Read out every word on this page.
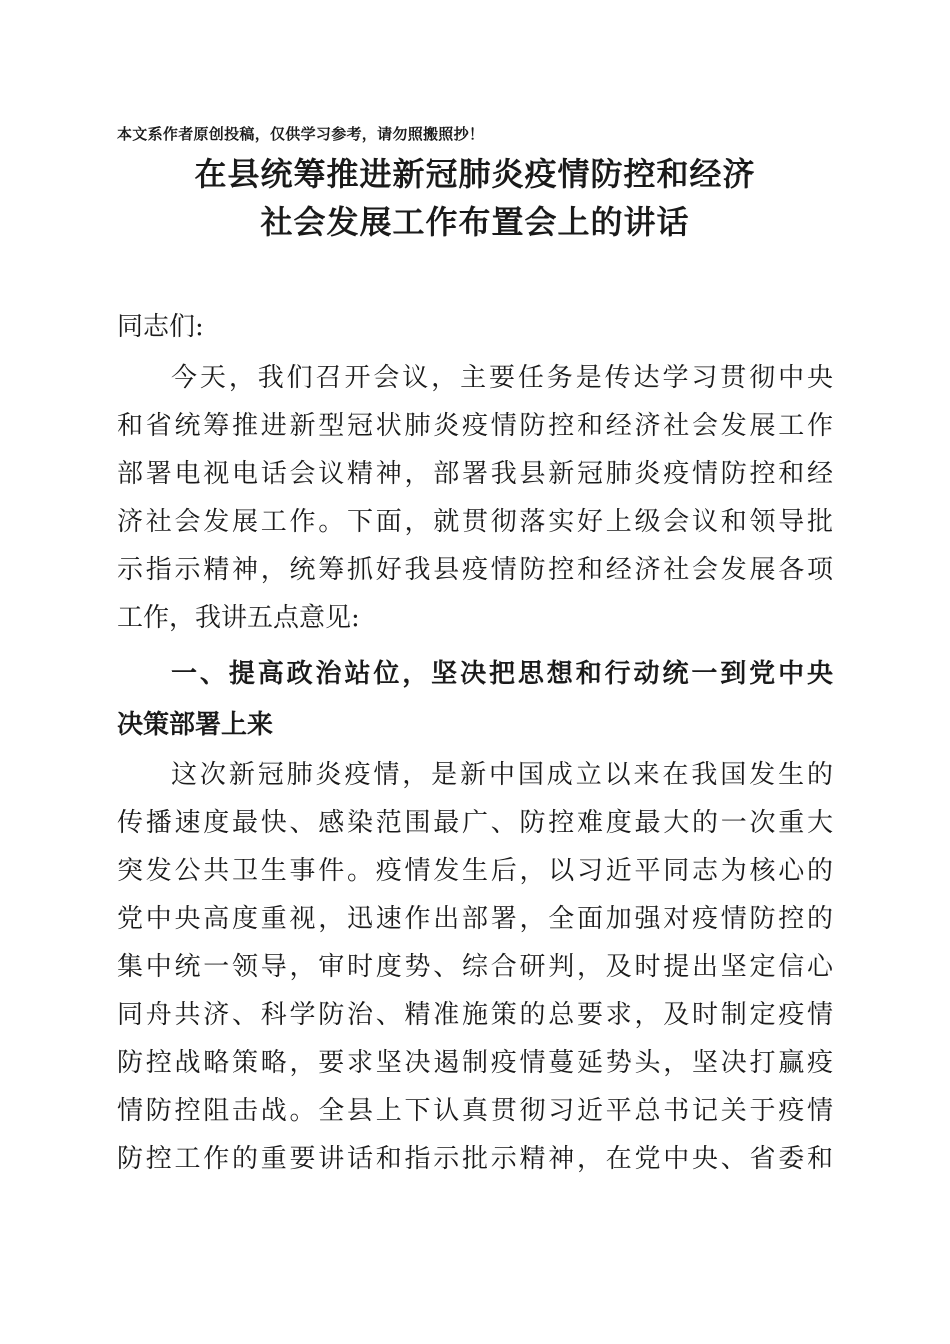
本文系作者原创投稿，仅供学习参考，请勿照搬照抄！
在县统筹推进新冠肺炎疫情防控和经济
社会发展工作布置会上的讲话
同志们:
今天，我们召开会议，主要任务是传达学习贯彻中央
和省统筹推进新型冠状肺炎疫情防控和经济社会发展工作
部署电视电话会议精神，部署我县新冠肺炎疫情防控和经
济社会发展工作。下面，就贯彻落实好上级会议和领导批
示指示精神，统筹抓好我县疫情防控和经济社会发展各项
工作，我讲五点意见:
一、提高政治站位，坚决把思想和行动统一到党中央
决策部署上来
这次新冠肺炎疫情，是新中国成立以来在我国发生的
传播速度最快、感染范围最广、防控难度最大的一次重大
突发公共卫生事件。疫情发生后，以习近平同志为核心的
党中央高度重视，迅速作出部署，全面加强对疫情防控的
集中统一领导，审时度势、综合研判，及时提出坚定信心
同舟共济、科学防治、精准施策的总要求，及时制定疫情
防控战略策略，要求坚决遏制疫情蔓延势头，坚决打赢疫
情防控阻击战。全县上下认真贯彻习近平总书记关于疫情
防控工作的重要讲话和指示批示精神，在党中央、省委和
